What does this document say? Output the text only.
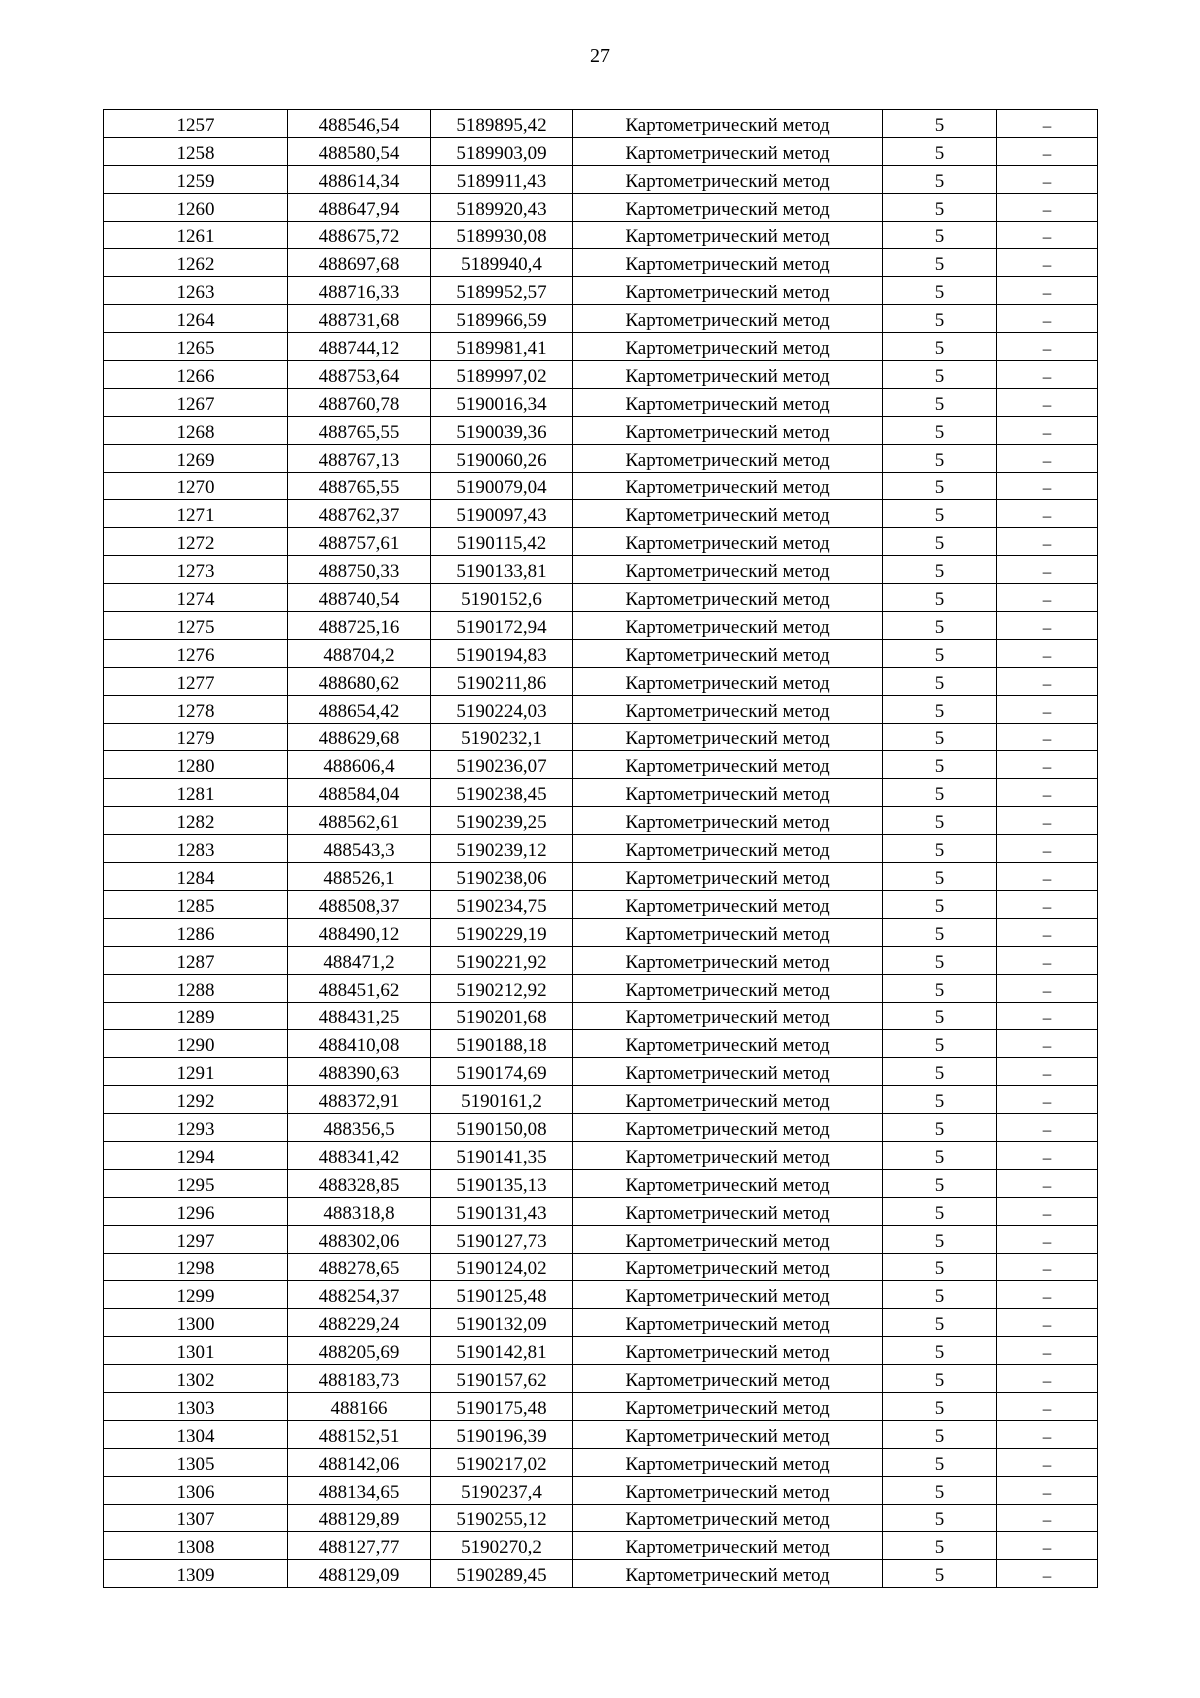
27
1257	488546,54	5189895,42	Картометрический метод	5	–
1258	488580,54	5189903,09	Картометрический метод	5	–
1259	488614,34	5189911,43	Картометрический метод	5	–
1260	488647,94	5189920,43	Картометрический метод	5	–
1261	488675,72	5189930,08	Картометрический метод	5	–
1262	488697,68	5189940,4	Картометрический метод	5	–
1263	488716,33	5189952,57	Картометрический метод	5	–
1264	488731,68	5189966,59	Картометрический метод	5	–
1265	488744,12	5189981,41	Картометрический метод	5	–
1266	488753,64	5189997,02	Картометрический метод	5	–
1267	488760,78	5190016,34	Картометрический метод	5	–
1268	488765,55	5190039,36	Картометрический метод	5	–
1269	488767,13	5190060,26	Картометрический метод	5	–
1270	488765,55	5190079,04	Картометрический метод	5	–
1271	488762,37	5190097,43	Картометрический метод	5	–
1272	488757,61	5190115,42	Картометрический метод	5	–
1273	488750,33	5190133,81	Картометрический метод	5	–
1274	488740,54	5190152,6	Картометрический метод	5	–
1275	488725,16	5190172,94	Картометрический метод	5	–
1276	488704,2	5190194,83	Картометрический метод	5	–
1277	488680,62	5190211,86	Картометрический метод	5	–
1278	488654,42	5190224,03	Картометрический метод	5	–
1279	488629,68	5190232,1	Картометрический метод	5	–
1280	488606,4	5190236,07	Картометрический метод	5	–
1281	488584,04	5190238,45	Картометрический метод	5	–
1282	488562,61	5190239,25	Картометрический метод	5	–
1283	488543,3	5190239,12	Картометрический метод	5	–
1284	488526,1	5190238,06	Картометрический метод	5	–
1285	488508,37	5190234,75	Картометрический метод	5	–
1286	488490,12	5190229,19	Картометрический метод	5	–
1287	488471,2	5190221,92	Картометрический метод	5	–
1288	488451,62	5190212,92	Картометрический метод	5	–
1289	488431,25	5190201,68	Картометрический метод	5	–
1290	488410,08	5190188,18	Картометрический метод	5	–
1291	488390,63	5190174,69	Картометрический метод	5	–
1292	488372,91	5190161,2	Картометрический метод	5	–
1293	488356,5	5190150,08	Картометрический метод	5	–
1294	488341,42	5190141,35	Картометрический метод	5	–
1295	488328,85	5190135,13	Картометрический метод	5	–
1296	488318,8	5190131,43	Картометрический метод	5	–
1297	488302,06	5190127,73	Картометрический метод	5	–
1298	488278,65	5190124,02	Картометрический метод	5	–
1299	488254,37	5190125,48	Картометрический метод	5	–
1300	488229,24	5190132,09	Картометрический метод	5	–
1301	488205,69	5190142,81	Картометрический метод	5	–
1302	488183,73	5190157,62	Картометрический метод	5	–
1303	488166	5190175,48	Картометрический метод	5	–
1304	488152,51	5190196,39	Картометрический метод	5	–
1305	488142,06	5190217,02	Картометрический метод	5	–
1306	488134,65	5190237,4	Картометрический метод	5	–
1307	488129,89	5190255,12	Картометрический метод	5	–
1308	488127,77	5190270,2	Картометрический метод	5	–
1309	488129,09	5190289,45	Картометрический метод	5	–
